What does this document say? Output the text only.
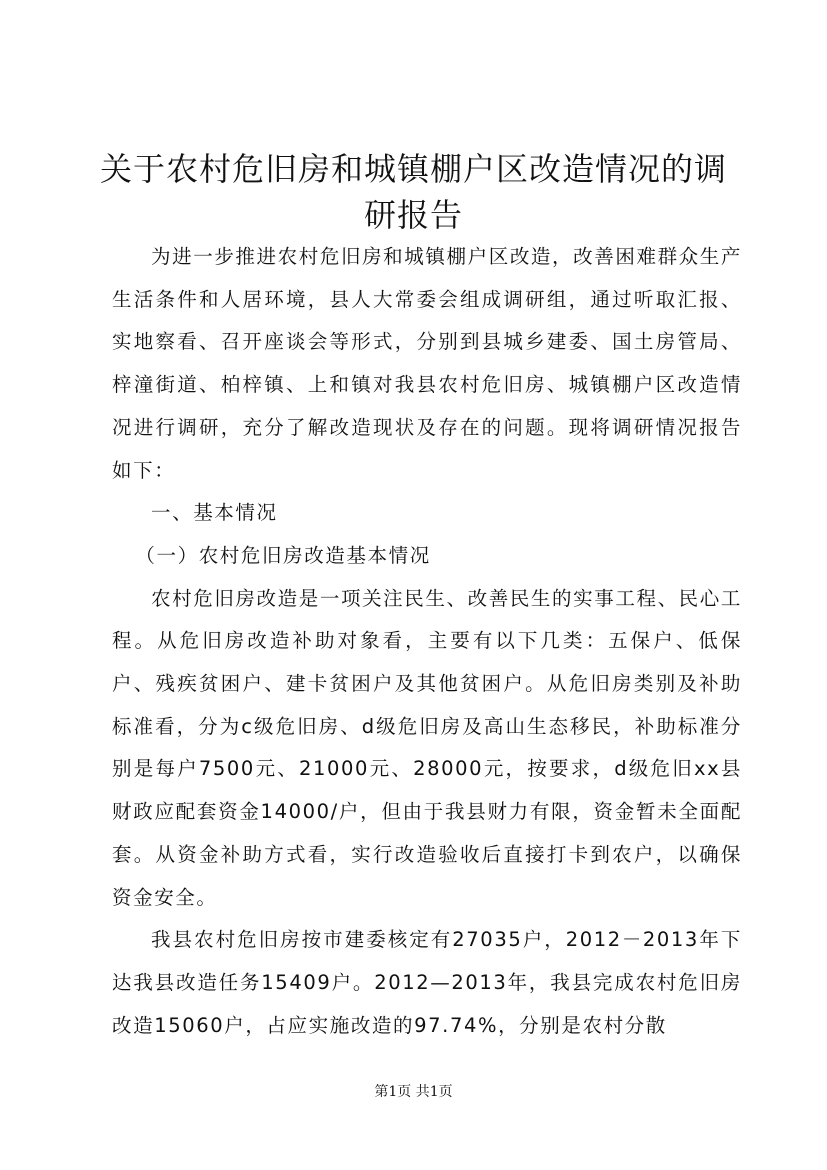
关于农村危旧房和城镇棚户区改造情况的调研报告

为进一步推进农村危旧房和城镇棚户区改造，改善困难群众生产生活条件和人居环境，县人大常委会组成调研组，通过听取汇报、实地察看、召开座谈会等形式，分别到县城乡建委、国土房管局、梓潼街道、柏梓镇、上和镇对我县农村危旧房、城镇棚户区改造情况进行调研，充分了解改造现状及存在的问题。现将调研情况报告如下：

一、基本情况

（一）农村危旧房改造基本情况

农村危旧房改造是一项关注民生、改善民生的实事工程、民心工程。从危旧房改造补助对象看，主要有以下几类：五保户、低保户、残疾贫困户、建卡贫困户及其他贫困户。从危旧房类别及补助标准看，分为c级危旧房、d级危旧房及高山生态移民，补助标准分别是每户7500元、21000元、28000元，按要求，d级危旧xx县财政应配套资金14000/户，但由于我县财力有限，资金暂未全面配套。从资金补助方式看，实行改造验收后直接打卡到农户，以确保资金安全。

我县农村危旧房按市建委核定有27035户，2012－2013年下达我县改造任务15409户。2012—2013年，我县完成农村危旧房改造15060户，占应实施改造的97.74%，分别是农村分散

第1页 共1页
